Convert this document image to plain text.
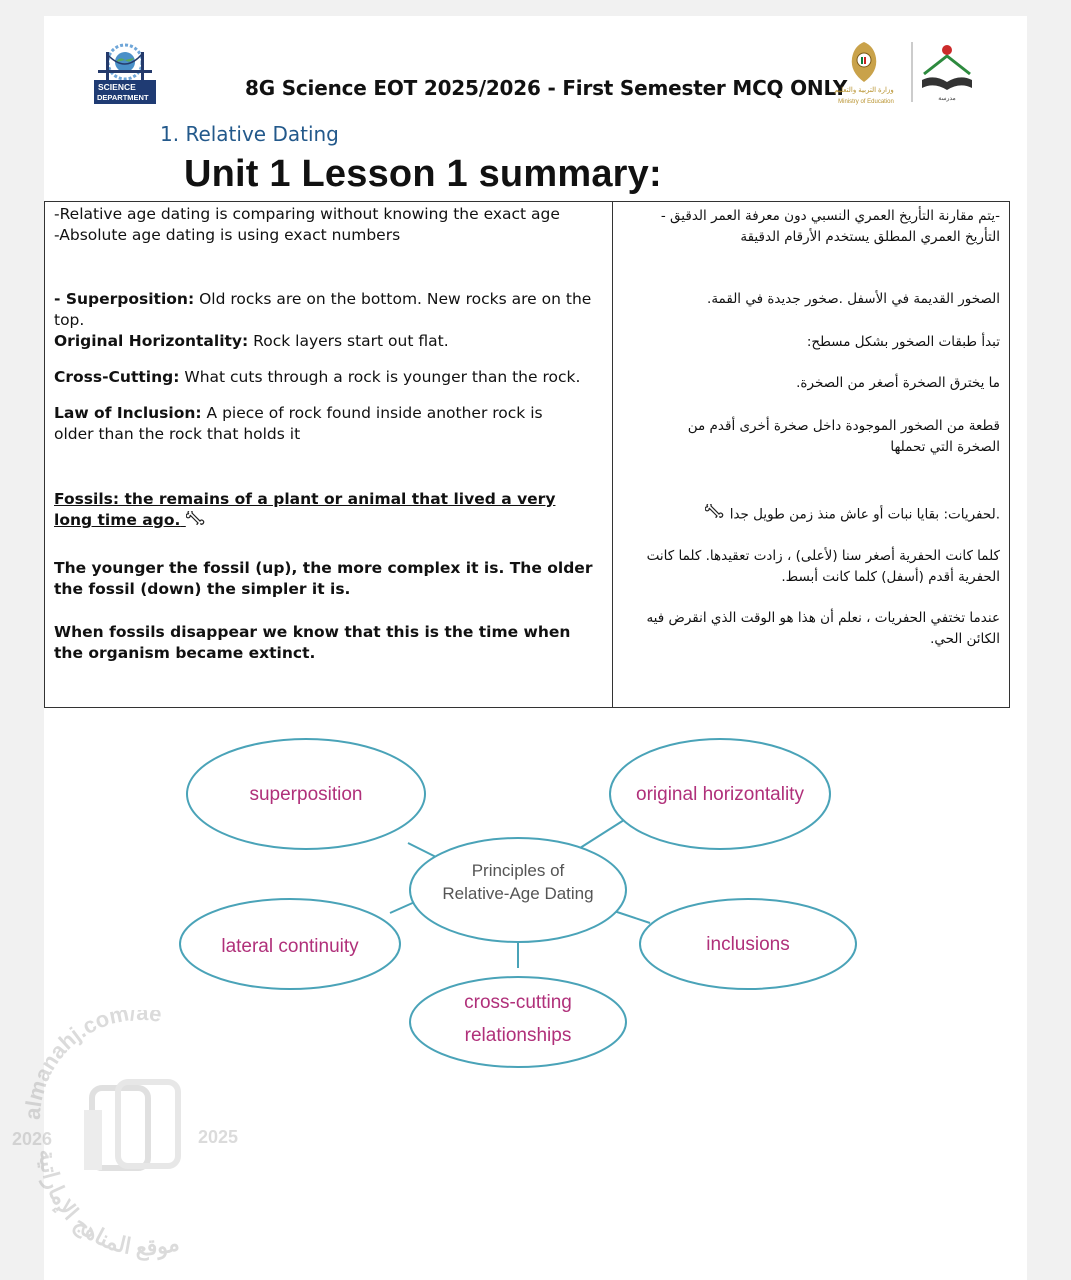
SCIENCE
DEPARTMENT	8G Science EOT 2025/2026 - First Semester MCQ ONLY
وزارة التربية والتعليم
Ministry of Education	مدرسة
1. Relative Dating
Unit 1 Lesson 1 summary:
-Relative age dating is comparing without knowing the exact age
-Absolute age dating is using exact numbers
- Superposition: Old rocks are on the bottom. New rocks are on the top.
Original Horizontality: Rock layers start out flat.
Cross-Cutting: What cuts through a rock is younger than the rock.
Law of Inclusion: A piece of rock found inside another rock is older than the rock that holds it
Fossils: the remains of a plant or animal that lived a very long time ago.
The younger the fossil (up), the more complex it is. The older the fossil (down) the simpler it is.
When fossils disappear we know that this is the time when the organism became extinct.

-يتم مقارنة التأريخ العمري النسبي دون معرفة العمر الدقيق -
التأريخ العمري المطلق يستخدم الأرقام الدقيقة
الصخور القديمة في الأسفل .صخور جديدة في القمة.
تبدأ طبقات الصخور بشكل مسطح:
ما يخترق الصخرة أصغر من الصخرة.
قطعة من الصخور الموجودة داخل صخرة أخرى أقدم من الصخرة التي تحملها
.لحفريات: بقايا نبات أو عاش منذ زمن طويل جدا
كلما كانت الحفرية أصغر سنا (لأعلى) ، زادت تعقيدها. كلما كانت الحفرية أقدم (أسفل) كلما كانت أبسط.
عندما تختفي الحفريات ، نعلم أن هذا هو الوقت الذي انقرض فيه الكائن الحي.
superposition	original horizontality
lateral continuity	inclusions
cross-cutting
relationships
Principles of
Relative-Age Dating
almanahj.com/ae
2026	2025
موقع المناهج الإماراتية
